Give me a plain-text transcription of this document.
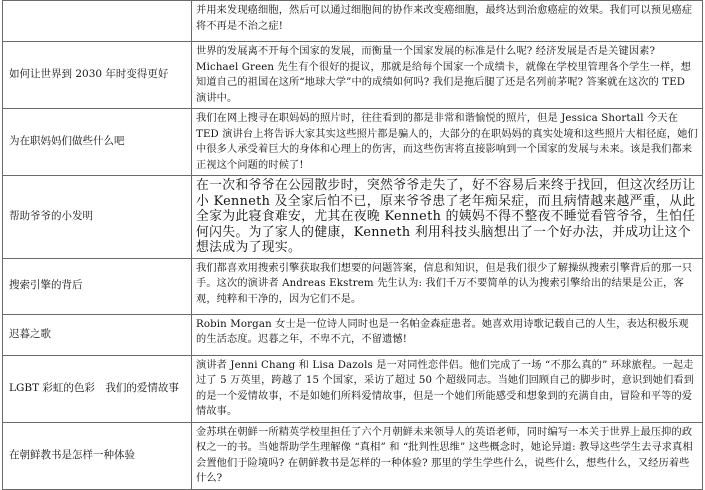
	并用来发现癌细胞，然后可以通过细胞间的协作来改变癌细胞，最终达到治愈癌症的效果。我们可以预见癌症将不再是不治之症!
如何让世界到 2030 年时变得更好	世界的发展离不开每个国家的发展，而衡量一个国家发展的标准是什么呢? 经济发展是否是关键因素? Michael Green 先生有个很好的提议，那就是给每个国家一个成绩卡，就像在学校里管理各个学生一样，想知道自己的祖国在这所“地球大学”中的成绩如何吗? 我们是拖后腿了还是名列前茅呢? 答案就在这次的 TED 演讲中。
为在职妈妈们做些什么吧	我们在网上搜寻在职妈妈的照片时，往往看到的都是非常和谐愉悦的照片，但是 Jessica Shortall 今天在 TED 演讲台上将告诉大家其实这些照片都是骗人的，大部分的在职妈妈的真实处境和这些照片大相径庭，她们中很多人承受着巨大的身体和心理上的伤害，而这些伤害将直接影响到一个国家的发展与未来。该是我们都来正视这个问题的时候了!
帮助爷爷的小发明	在一次和爷爷在公园散步时，突然爷爷走失了，好不容易后来终于找回，但这次经历让小 Kenneth 及全家后怕不已，原来爷爷患了老年痴呆症，而且病情越来越严重，从此全家为此寝食难安，尤其在夜晚 Kenneth 的姨妈不得不整夜不睡觉看管爷爷，生怕任何闪失。为了家人的健康，Kenneth 利用科技头脑想出了一个好办法，并成功让这个想法成为了现实。
搜索引擎的背后	我们都喜欢用搜索引擎获取我们想要的问题答案，信息和知识，但是我们很少了解操纵搜索引擎背后的那一只手。这次的演讲者 Andreas Ekstrem 先生认为: 我们千万不要简单的认为搜索引擎给出的结果是公正，客观，纯粹和干净的，因为它们不是。
迟暮之歌	Robin Morgan 女士是一位诗人同时也是一名帕金森症患者。她喜欢用诗歌记载自己的人生，表达积极乐观的生活态度。迟暮之年，不卑不亢，不留遗憾!
LGBT 彩虹的色彩　我们的爱情故事	演讲者 Jenni Chang 和 Lisa Dazols 是一对同性恋伴侣。他们完成了一场 “不那么真的” 环球旅程。一起走过了 5 万英里，跨越了 15 个国家，采访了超过 50 个超级同志。当她们回顾自己的脚步时，意识到她们看到的是一个爱情故事，不是如她们所料爱情故事，但是一个她们所能感受和想象到的充满自由，冒险和平等的爱情故事。
在朝鲜教书是怎样一种体验	金苏琪在朝鲜一所精英学校里担任了六个月朝鲜未来领导人的英语老师，同时编写一本关于世界上最压抑的政权之一的书。当她帮助学生理解像 “真相” 和 “批判性思维” 这些概念时，她论异道: 教导这些学生去寻求真相会置他们于险境吗? 在朝鲜教书是怎样的一种体验? 那里的学生学些什么，说些什么，想些什么，又经历着些什么?
